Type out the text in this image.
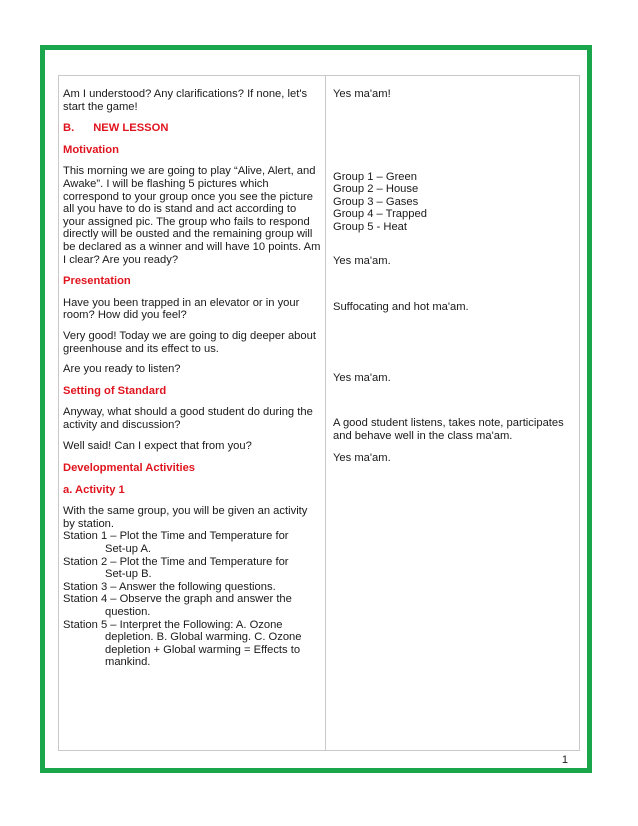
Am I understood? Any clarifications? If none, let's start the game!

B. NEW LESSON

Motivation

This morning we are going to play “Alive, Alert, and Awake”. I will be flashing 5 pictures which correspond to your group once you see the picture all you have to do is stand and act according to your assigned pic. The group who fails to respond directly will be ousted and the remaining group will be declared as a winner and will have 10 points. Am I clear? Are you ready?

Presentation

Have you been trapped in an elevator or in your room? How did you feel?

Very good! Today we are going to dig deeper about greenhouse and its effect to us.

Are you ready to listen?

Setting of Standard

Anyway, what should a good student do during the activity and discussion?

Well said! Can I expect that from you?

Developmental Activities

a. Activity 1

With the same group, you will be given an activity by station.

Station 1 – Plot the Time and Temperature for

Set-up A.

Station 2 – Plot the Time and Temperature for

Set-up B.

Station 3 – Answer the following questions.

Station 4 – Observe the graph and answer the

question.

Station 5 – Interpret the Following: A. Ozone

depletion. B. Global warming. C. Ozone depletion + Global warming = Effects to mankind.

Yes ma'am!

Group 1 – Green

Group 2 – House

Group 3 – Gases

Group 4 – Trapped

Group 5 - Heat

Yes ma'am.

Suffocating and hot ma'am.

Yes ma'am.

A good student listens, takes note, participates and behave well in the class ma'am.

Yes ma'am.

1
